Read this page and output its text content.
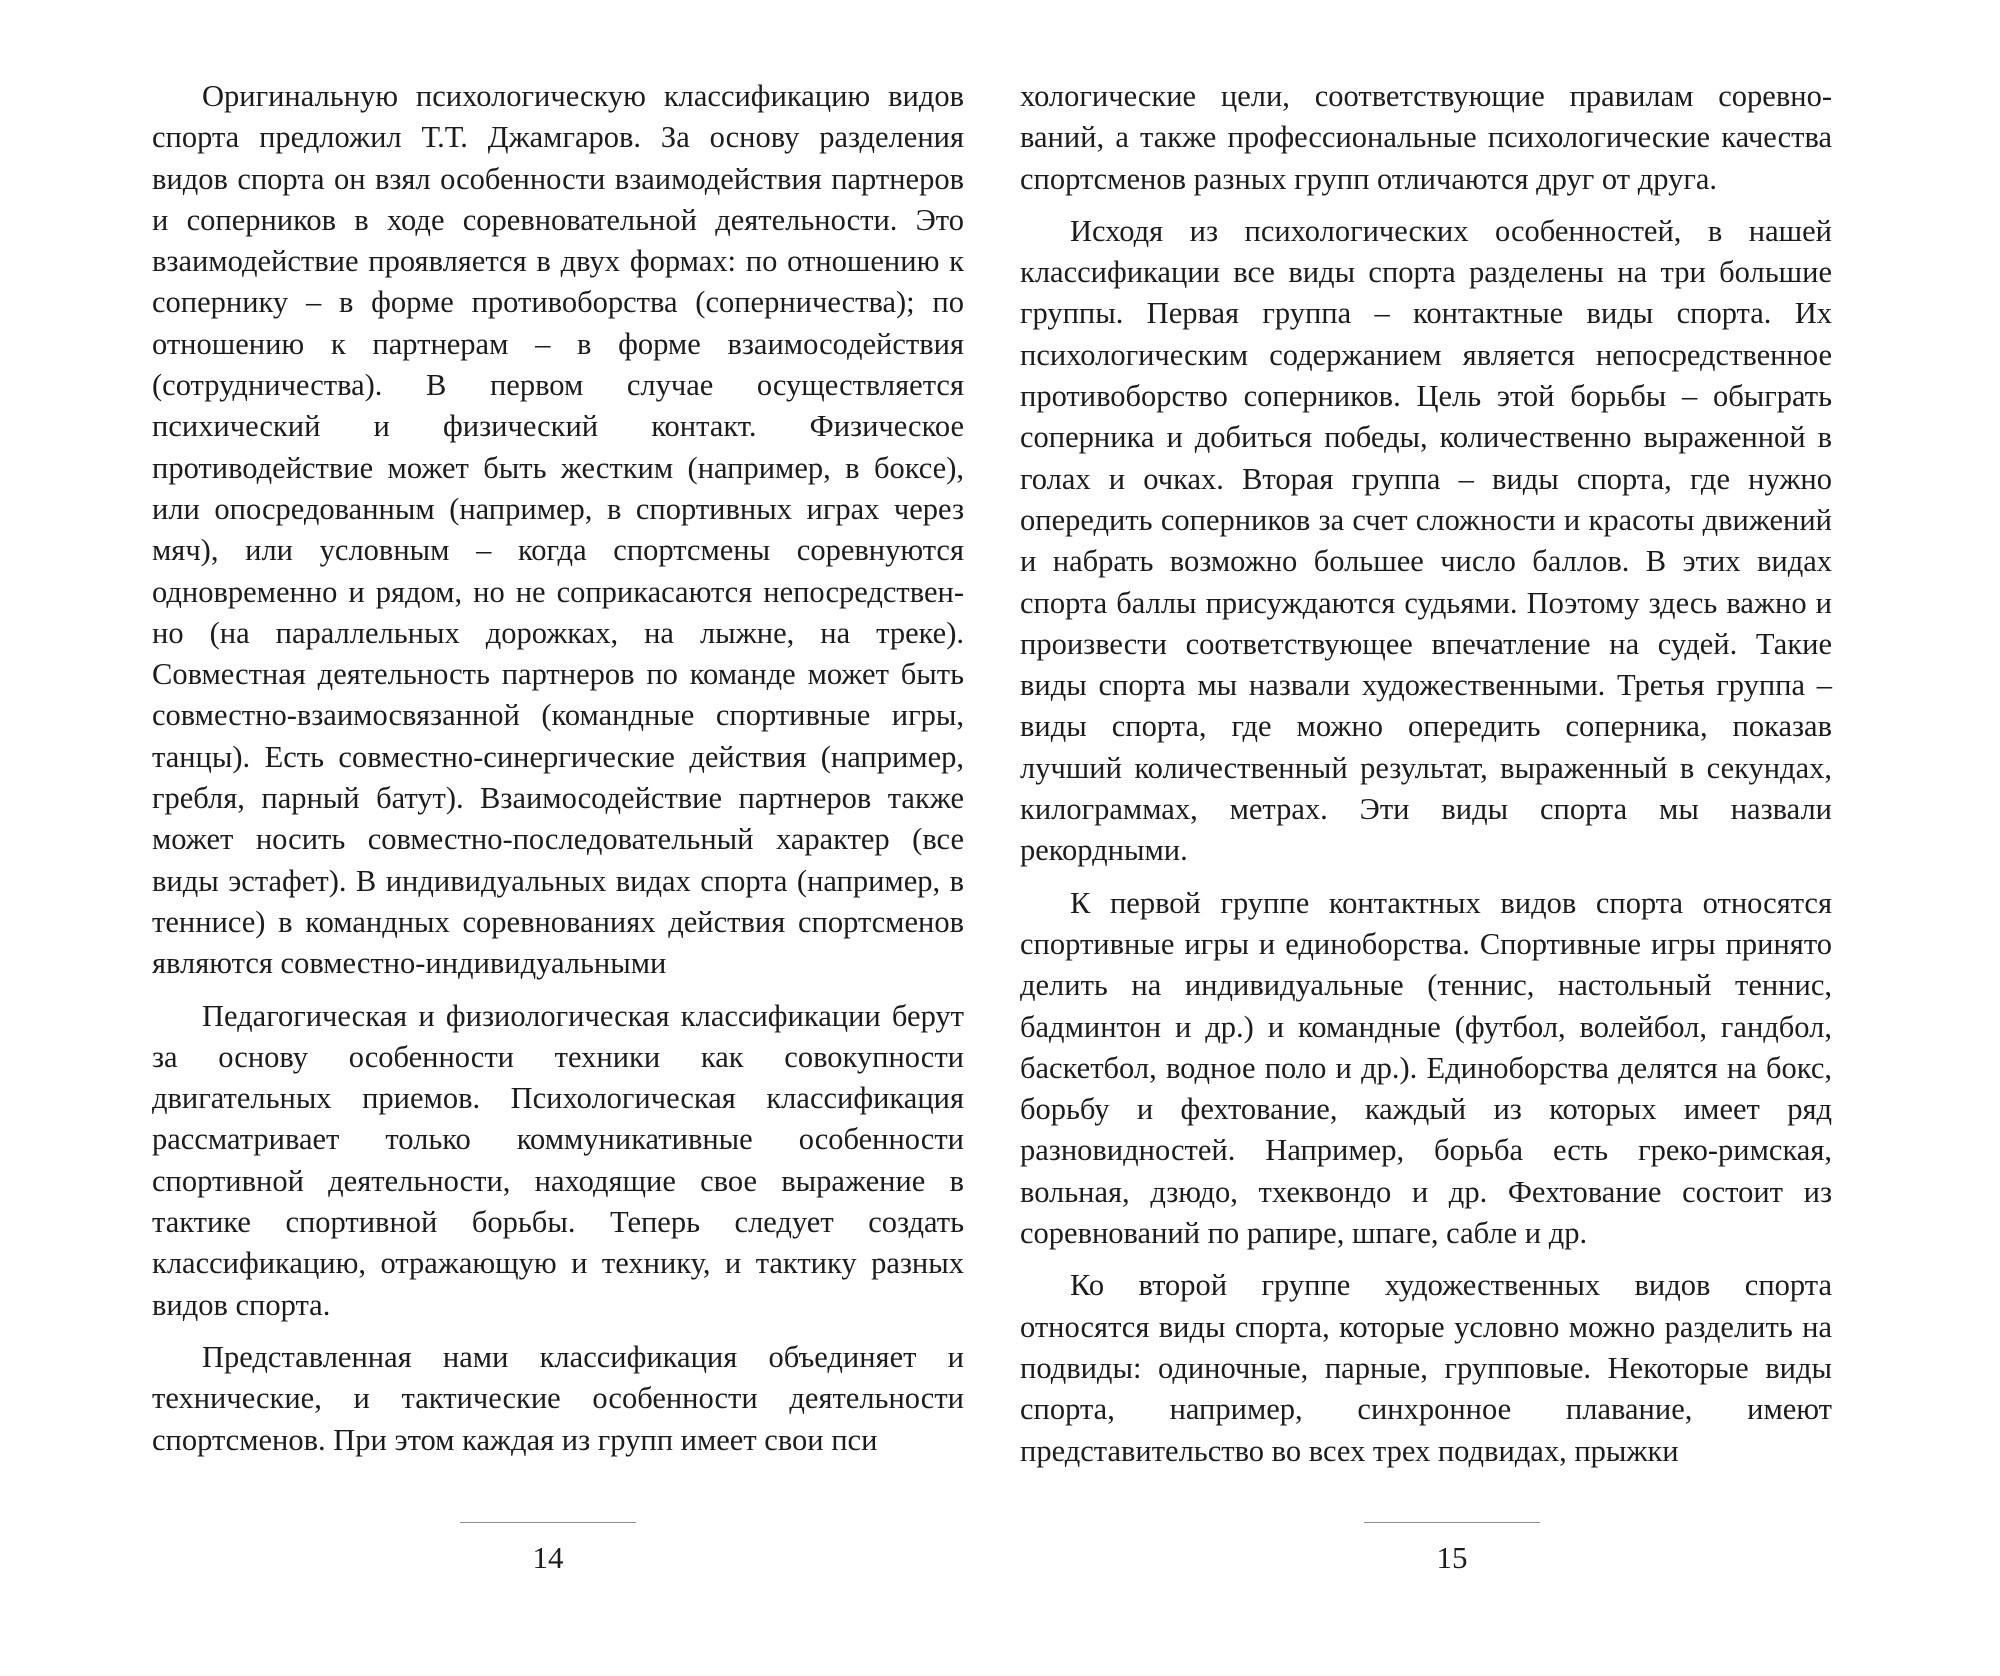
Оригинальную психологическую классификацию видов спорта предложил Т.Т. Джамгаров. За основу разделения видов спорта он взял особенности взаимодействия партнеров и соперников в ходе соревновательной деятельности. Это взаимодействие проявляется в двух формах: по отношению к сопернику – в форме противоборства (соперничества); по отношению к партнерам – в форме взаимосодействия (сотрудничества). В первом случае осуществляется психический и физический контакт. Физическое противодействие может быть жестким (например, в боксе), или опосредованным (например, в спортивных играх через мяч), или условным – когда спортсмены соревнуются одновременно и рядом, но не соприкасаются непосредствен- но (на параллельных дорожках, на лыжне, на треке). Совместная деятельность партнеров по команде может быть совместно-взаимосвязанной (командные спортивные игры, танцы). Есть совместно-синергические действия (например, гребля, парный батут). Взаимосодействие партнеров также может носить совместно-последовательный характер (все виды эстафет). В индивидуальных видах спорта (например, в теннисе) в командных соревнованиях действия спортсменов являются совместно-индивидуальными

Педагогическая и физиологическая классификации берут за основу особенности техники как совокупности двигательных приемов. Психологическая классификация рассматривает только коммуникативные особенности спортивной деятельности, находящие свое выражение в тактике спортивной борьбы. Теперь следует создать классификацию, отражающую и технику, и тактику разных видов спорта.

Представленная нами классификация объединяет и технические, и тактические особенности деятельности спортсменов. При этом каждая из групп имеет свои пси

14

хологические цели, соответствующие правилам соревнований, а также профессиональные психологические качества спортсменов разных групп отличаются друг от друга.

Исходя из психологических особенностей, в нашей классификации все виды спорта разделены на три большие группы. Первая группа – контактные виды спорта. Их психологическим содержанием является непосредственное противоборство соперников. Цель этой борьбы – обыграть соперника и добиться победы, количественно выраженной в голах и очках. Вторая группа – виды спорта, где нужно опередить соперников за счет сложности и красоты движений и набрать возможно большее число баллов. В этих видах спорта баллы присуждаются судьями. Поэтому здесь важно и произвести соответствующее впечатление на судей. Такие виды спорта мы назвали художественными. Третья группа – виды спорта, где можно опередить соперника, показав лучший количественный результат, выраженный в секундах, килограммах, метрах. Эти виды спорта мы назвали рекордными.

К первой группе контактных видов спорта относятся спортивные игры и единоборства. Спортивные игры принято делить на индивидуальные (теннис, настольный теннис, бадминтон и др.) и командные (футбол, волейбол, гандбол, баскетбол, водное поло и др.). Единоборства делятся на бокс, борьбу и фехтование, каждый из которых имеет ряд разновидностей. Например, борьба есть греко-римская, вольная, дзюдо, тхеквондо и др. Фехтование состоит из соревнований по рапире, шпаге, сабле и др.

Ко второй группе художественных видов спорта относятся виды спорта, которые условно можно разделить на подвиды: одиночные, парные, групповые. Некоторые виды спорта, например, синхронное плавание, имеют представительство во всех трех подвидах, прыжки

15
